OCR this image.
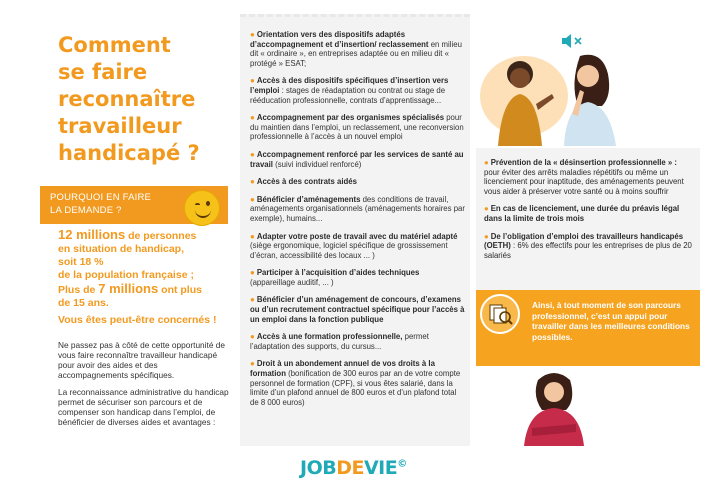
Comment
se faire
reconnaître
travailleur
handicapé ?
POURQUOI EN FAIRE
LA DEMANDE ?

12 millions de personnes

en situation de handicap,

soit 18 %

de la population française ;

Plus de 7 millions ont plus

de 15 ans.

Vous êtes peut-être concernés !

Ne passez pas à côté de cette opportunité de vous faire reconnaître travailleur handicapé pour avoir des aides et des accompagnements spécifiques.

La reconnaissance administrative du handicap permet de sécuriser son parcours et de compenser son handicap dans l’emploi, de bénéficier de diverses aides et avantages :

● Orientation vers des dispositifs adaptés d’accompagnement et d’insertion/ reclassement en milieu dit « ordinaire », en entreprises adaptée ou en milieu dit « protégé » ESAT;
● Accès à des dispositifs spécifiques d’insertion vers l’emploi : stages de réadaptation ou contrat ou stage de rééducation professionnelle, contrats d’apprentissage...
● Accompagnement par des organismes spécialisés pour du maintien dans l’emploi, un reclassement, une reconversion professionnelle à l’accès à un nouvel emploi
● Accompagnement renforcé par les services de santé au travail (suivi individuel renforcé)
● Accès à des contrats aidés
● Bénéficier d’aménagements des conditions de travail, aménagements organisationnels (aménagements horaires par exemple), humains...
● Adapter votre poste de travail avec du matériel adapté (siège ergonomique, logiciel spécifique de grossissement d’écran, accessibilité des locaux ... )
● Participer à l’acquisition d’aides techniques (appareillage auditif, ... )
● Bénéficier d’un aménagement de concours, d’examens ou d’un recrutement contractuel spécifique pour l’accès à un emploi dans la fonction publique
● Accès à une formation professionnelle, permet l’adaptation des supports, du cursus...
● Droit à un abondement annuel de vos droits à la formation (bonification de 300 euros par an de votre compte personnel de formation (CPF), si vous êtes salarié, dans la limite d’un plafond annuel de 800 euros et d’un plafond total de 8 000 euros)
● Prévention de la « désinsertion professionnelle » : pour éviter des arrêts maladies répétitifs ou même un licenciement pour inaptitude, des aménagements peuvent vous aider à préserver votre santé ou à moins souffrir
● En cas de licenciement, une durée du préavis légal dans la limite de trois mois
● De l’obligation d’emploi des travailleurs handicapés (OETH) : 6% des effectifs pour les entreprises de plus de 20 salariés
Ainsi, à tout moment de son parcours professionnel, c’est un appui pour travailler dans les meilleures conditions possibles.
JOBDEVIE©
